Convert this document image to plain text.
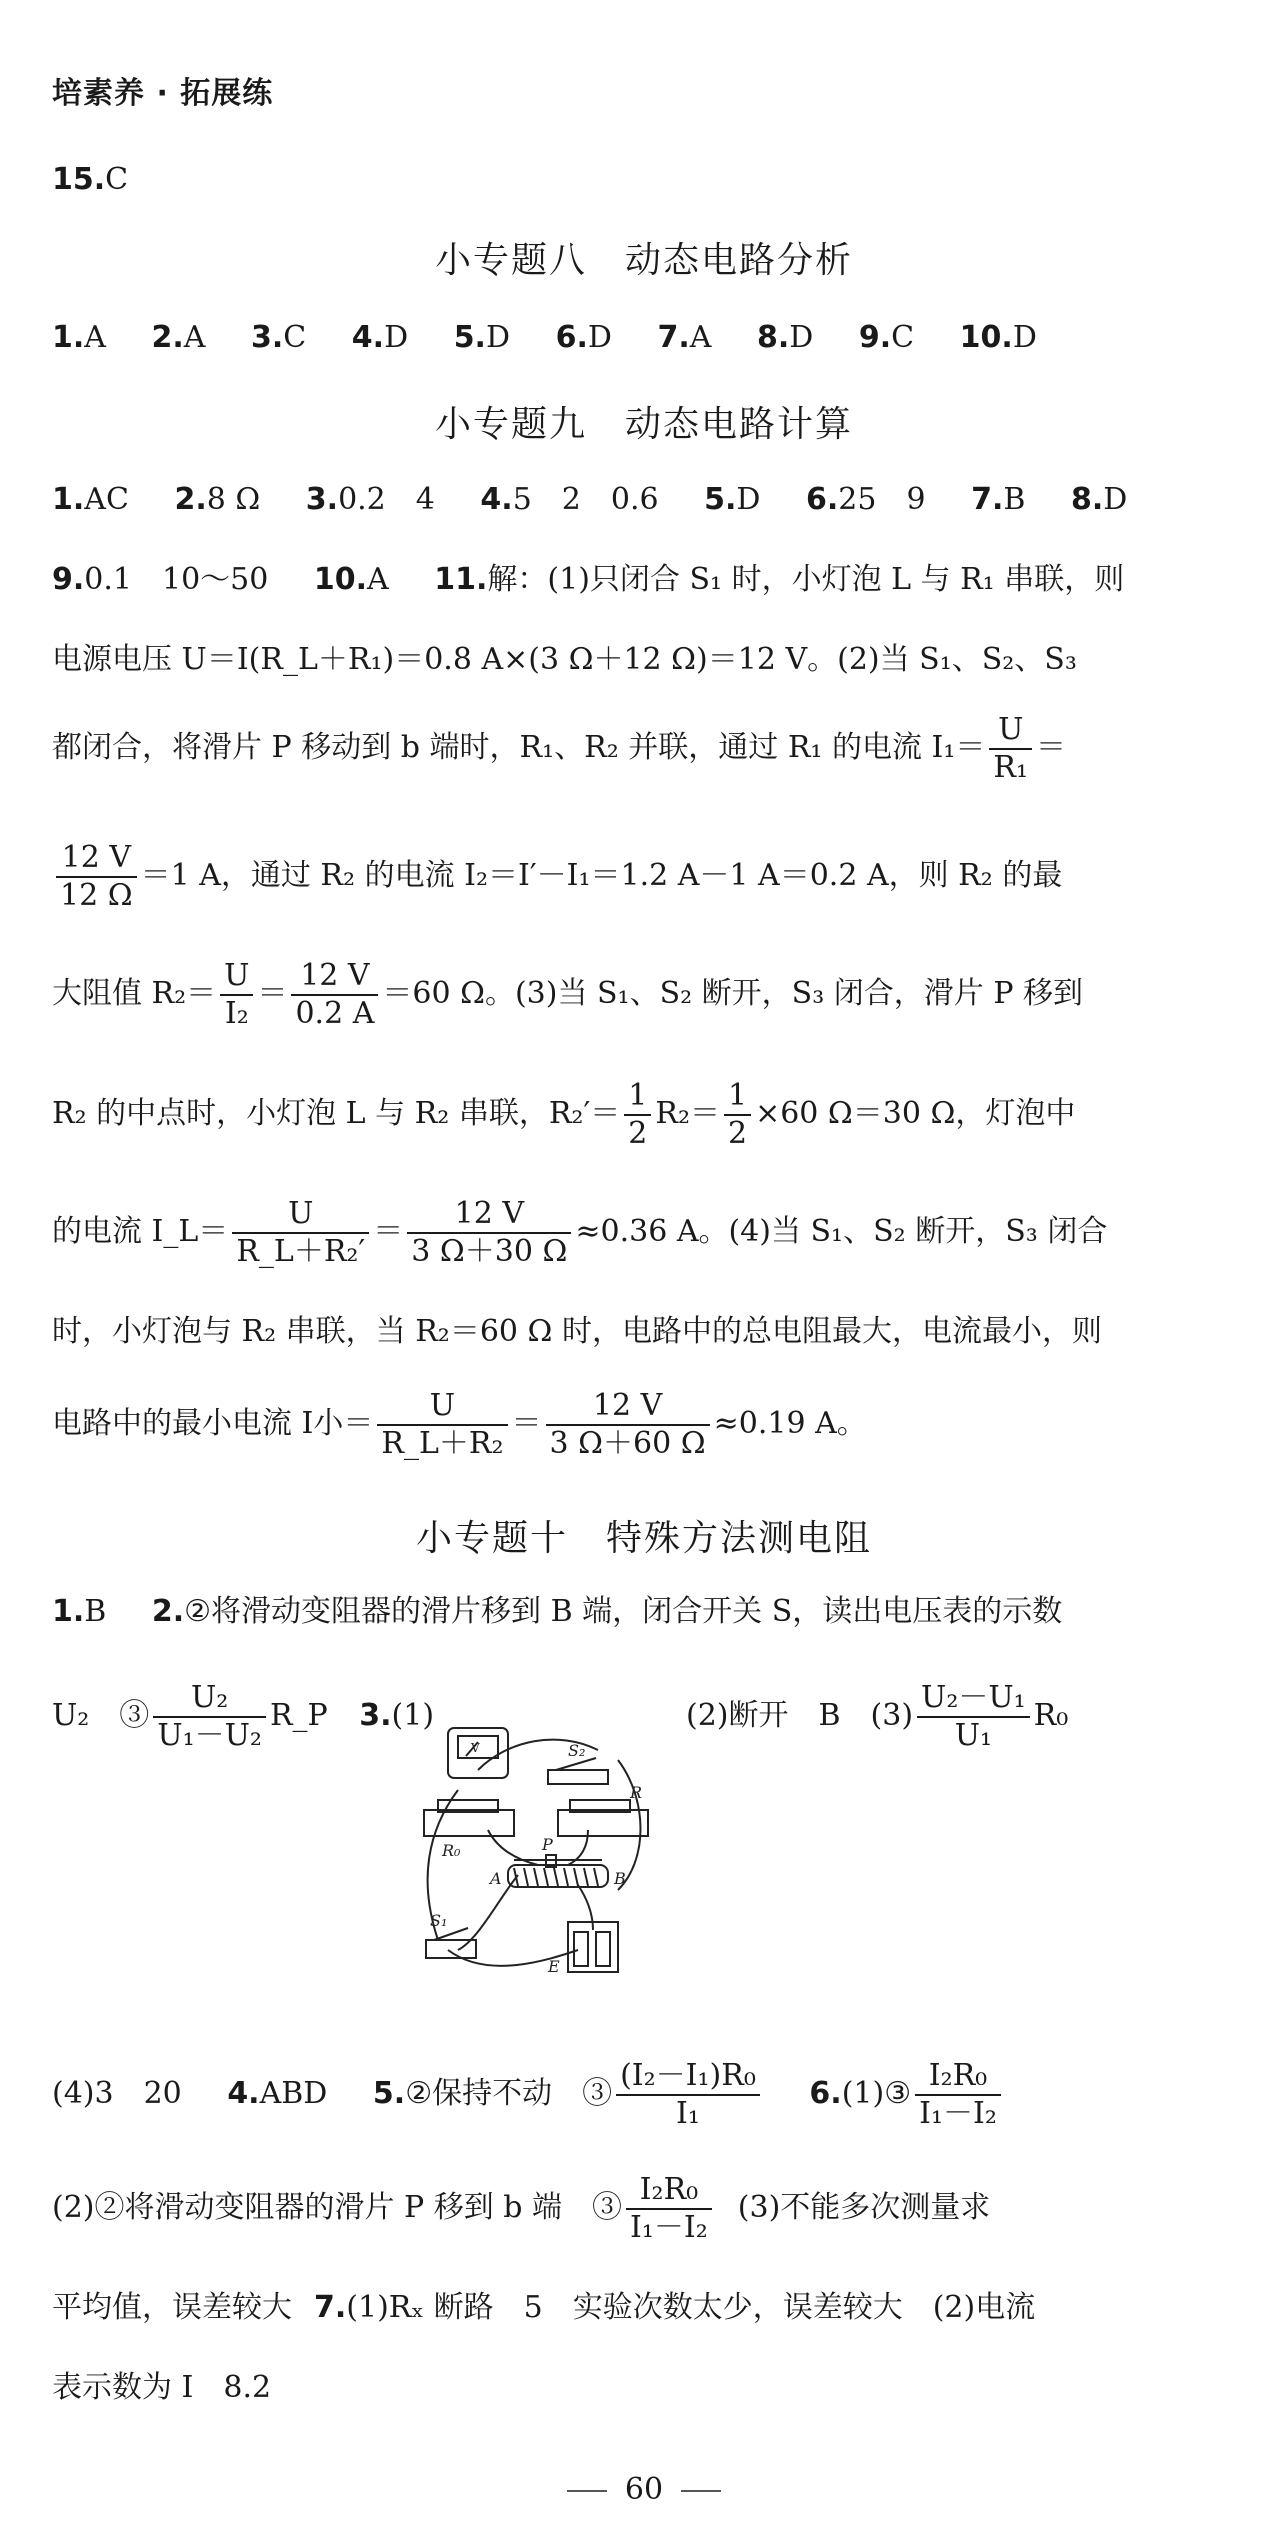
培素养 · 拓展练
15.C
小专题八　动态电路分析
1.A 2.A 3.C 4.D 5.D 6.D 7.A 8.D 9.C 10.D
小专题九　动态电路计算
1.AC 2.8 Ω 3.0.2　4 4.5　2　0.6 5.D 6.25　9 7.B 8.D
9.0.1　10～50 10.A 11.解：(1)只闭合 S₁ 时，小灯泡 L 与 R₁ 串联，则
电源电压 U＝I(R_L＋R₁)＝0.8 A×(3 Ω＋12 Ω)＝12 V。(2)当 S₁、S₂、S₃
都闭合，将滑片 P 移动到 b 端时，R₁、R₂ 并联，通过 R₁ 的电流 $I_1= \frac{U}{\text{R₁}}$ ＝
$\frac{12 V}{12 \Omega} =1$ A，通过 R₂ 的电流 I₂＝I′－I₁＝1.2 A－1 A＝0.2 A，则 R₂ 的最
大阻值 $R_2= \frac{U}{\text{I₂}} = \frac{12 V}{0.2 A} =60$ Ω。(3)当 S₁、S₂ 断开，S₃ 闭合，滑片 P 移到
R₂ 的中点时，小灯泡 L 与 R₂ 串联，$R_2'= \frac{1}{2} R_2= \frac{1}{2} \times 60$ Ω＝30 Ω，灯泡中
的电流 I_L＝ $\frac{U}{\text{R\_L＋R₂′}} = \frac{12 V}{3 \Omega+30 \Omega} \approx 0.36$ A。(4)当 S₁、S₂ 断开，S₃ 闭合
时，小灯泡与 R₂ 串联，当 R₂＝60 Ω 时，电路中的总电阻最大，电流最小，则
电路中的最小电流 I小＝ $\frac{U}{\text{R\_L＋R₂}} = \frac{12 V}{3 \Omega+60 \Omega} \approx 0.19$ A。
小专题十　特殊方法测电阻
1.B 2.②将滑动变阻器的滑片移到 B 端，闭合开关 S，读出电压表的示数
U₂　③ $\frac{\text{U₂}}{\text{U₁－U₂}}$ R_P 3.(1)	(2)断开　B　$(3) \frac{\text{U₂－U₁}}{\text{U₁}} R_0$
V	S₂
R
R₀	P
A	B
S₁
E
(4)3　20 4.ABD 5.②保持不动　③ $\frac{\text{(I₂－I₁)R₀}}{\text{I₁}}$ 6.(1)③ $\frac{\text{I₂R₀}}{\text{I₁－I₂}}$
(2)②将滑动变阻器的滑片 P 移到 b 端　③ $\frac{\text{I₂R₀}}{\text{I₁－I₂}} (3)$不能多次测量求
平均值，误差较大 7.(1)Rₓ 断路　5　实验次数太少，误差较大　(2)电流
表示数为 I　8.2
60
